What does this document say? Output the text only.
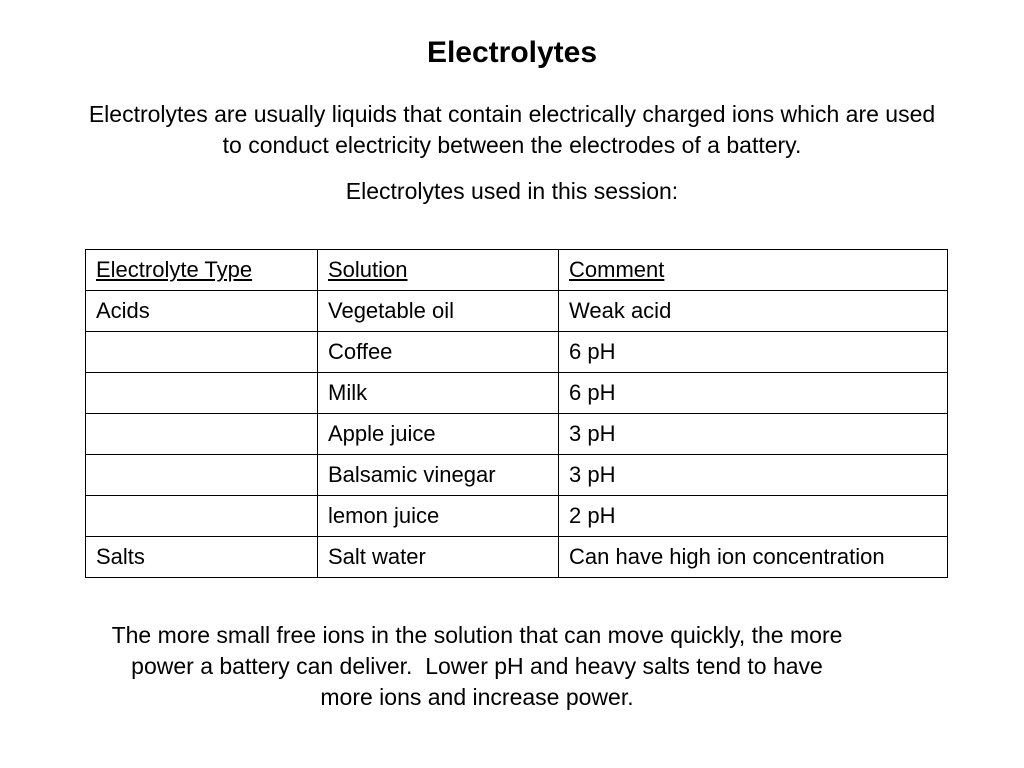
Electrolytes
Electrolytes are usually liquids that contain electrically charged ions which are used
to conduct electricity between the electrodes of a battery.
Electrolytes used in this session:
Electrolyte Type	Solution	Comment
Acids	Vegetable oil	Weak acid
	Coffee	6 pH
	Milk	6 pH
	Apple juice	3 pH
	Balsamic vinegar	3 pH
	lemon juice	2 pH
Salts	Salt water	Can have high ion concentration
The more small free ions in the solution that can move quickly, the more
power a battery can deliver.  Lower pH and heavy salts tend to have
more ions and increase power.
